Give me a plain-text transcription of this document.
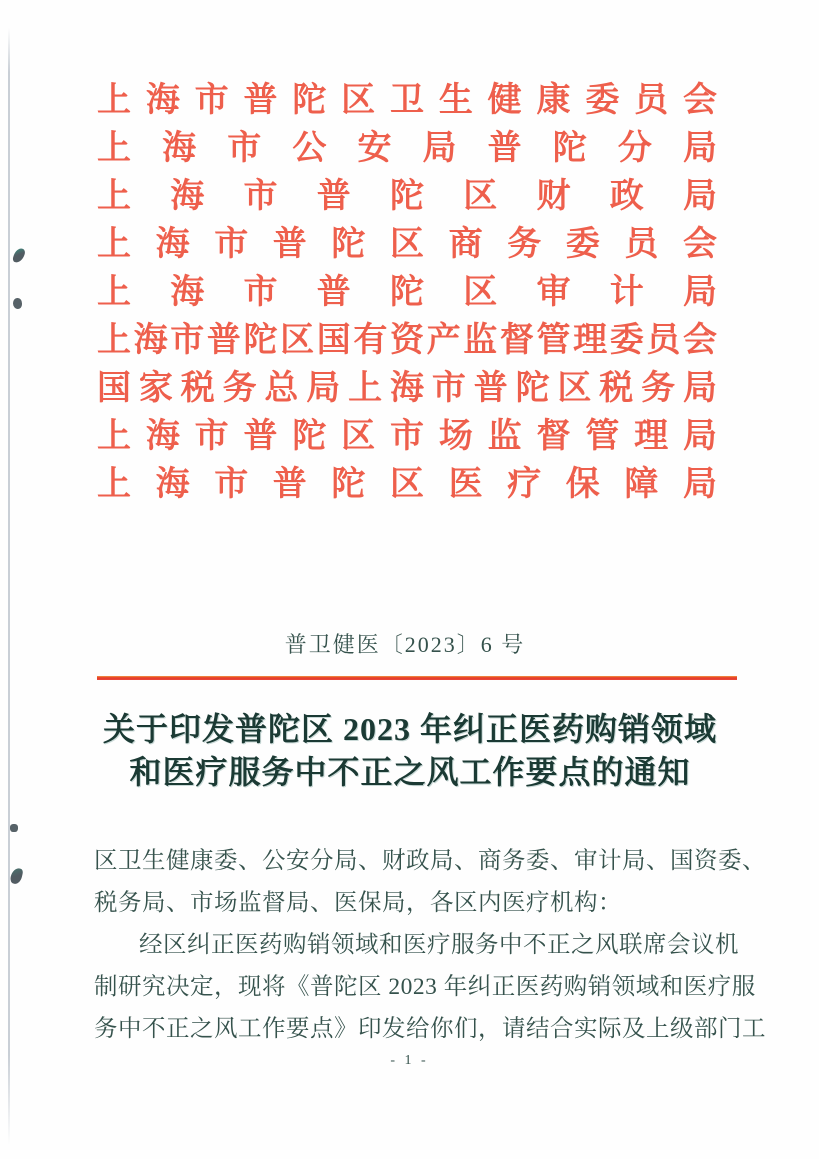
上海市普陀区卫生健康委员会
上海市公安局普陀分局
上海市普陀区财政局
上海市普陀区商务委员会
上海市普陀区审计局
上海市普陀区国有资产监督管理委员会
国家税务总局上海市普陀区税务局
上海市普陀区市场监督管理局
上海市普陀区医疗保障局
普卫健医〔2023〕6 号
关于印发普陀区 2023 年纠正医药购销领域
和医疗服务中不正之风工作要点的通知
区卫生健康委、公安分局、财政局、商务委、审计局、国资委、
税务局、市场监督局、医保局，各区内医疗机构：
经区纠正医药购销领域和医疗服务中不正之风联席会议机
制研究决定，现将《普陀区 2023 年纠正医药购销领域和医疗服
务中不正之风工作要点》印发给你们，请结合实际及上级部门工
- 1 -
